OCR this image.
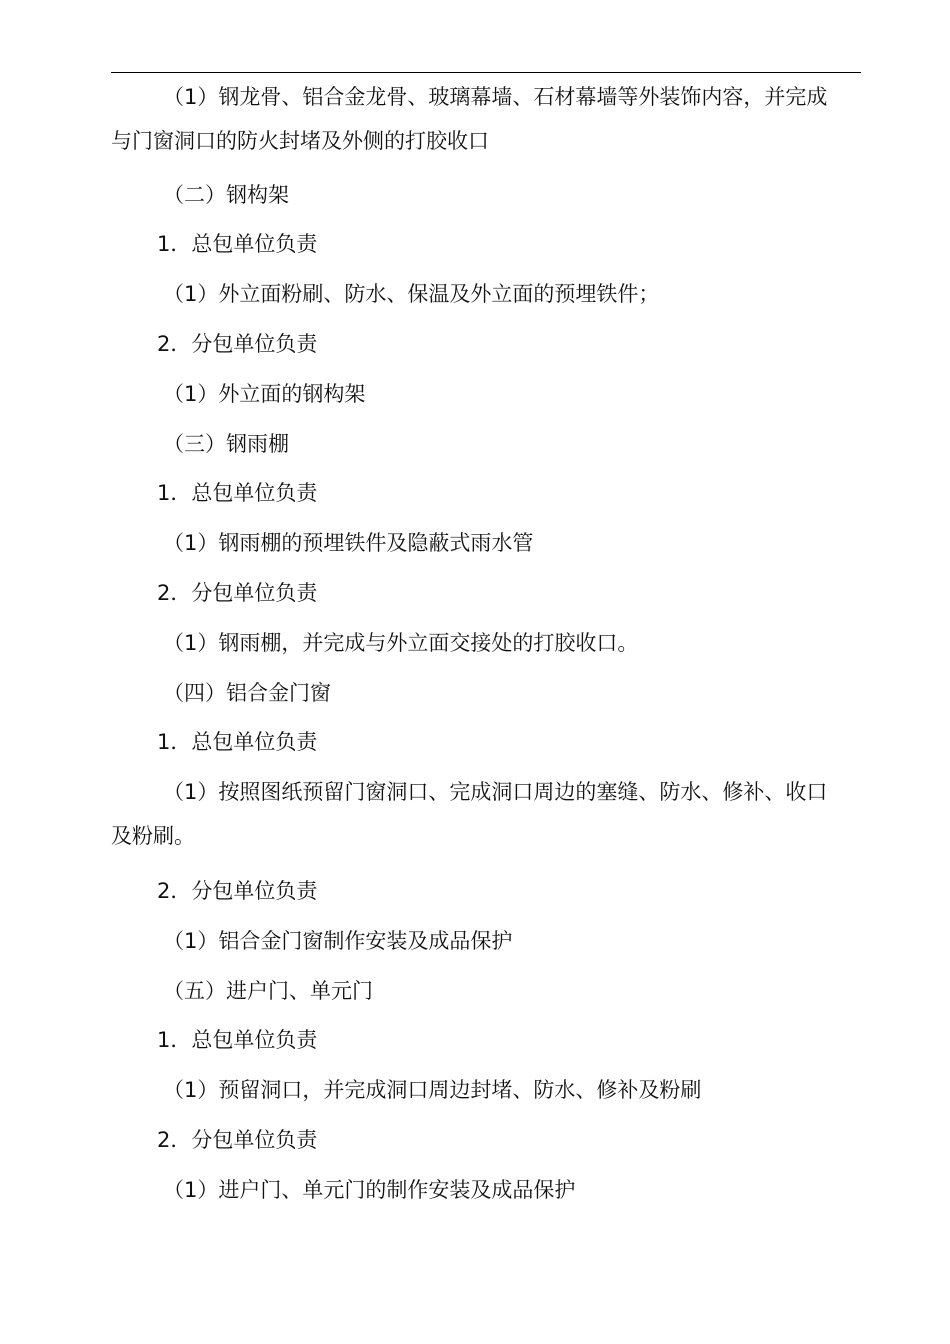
（1）钢龙骨、铝合金龙骨、玻璃幕墙、石材幕墙等外装饰内容，并完成
与门窗洞口的防火封堵及外侧的打胶收口
（二）钢构架
1．总包单位负责
（1）外立面粉刷、防水、保温及外立面的预埋铁件；
2．分包单位负责
（1）外立面的钢构架
（三）钢雨棚
1．总包单位负责
（1）钢雨棚的预埋铁件及隐蔽式雨水管
2．分包单位负责
（1）钢雨棚，并完成与外立面交接处的打胶收口。
（四）铝合金门窗
1．总包单位负责
（1）按照图纸预留门窗洞口、完成洞口周边的塞缝、防水、修补、收口
及粉刷。
2．分包单位负责
（1）铝合金门窗制作安装及成品保护
（五）进户门、单元门
1．总包单位负责
（1）预留洞口，并完成洞口周边封堵、防水、修补及粉刷
2．分包单位负责
（1）进户门、单元门的制作安装及成品保护
